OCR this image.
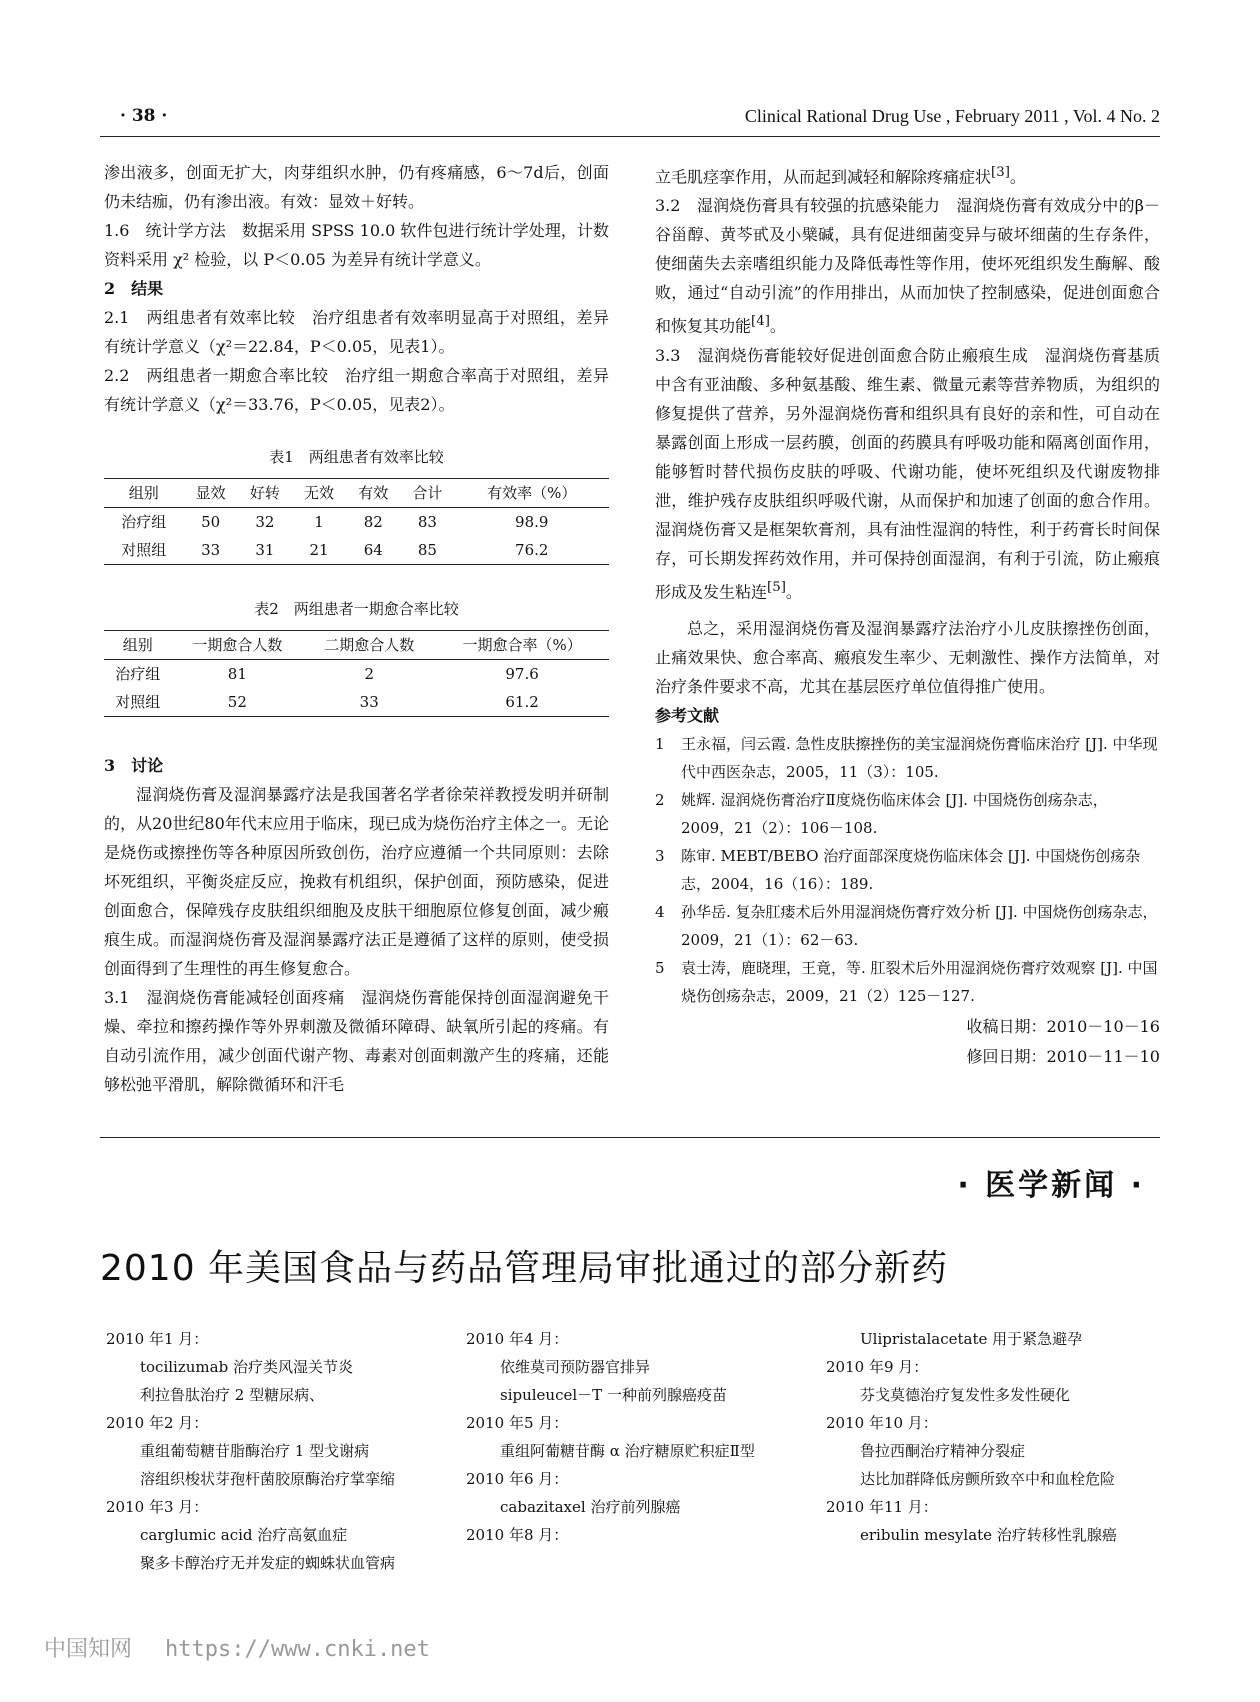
· 38 ·	Clinical Rational Drug Use , February 2011 , Vol. 4 No. 2

渗出液多，创面无扩大，肉芽组织水肿，仍有疼痛感，6～7d后，创面仍未结痂，仍有渗出液。有效：显效＋好转。

1.6　统计学方法　数据采用 SPSS 10.0 软件包进行统计学处理，计数资料采用 χ² 检验，以 P＜0.05 为差异有统计学意义。

2　结果

2.1　两组患者有效率比较　治疗组患者有效率明显高于对照组，差异有统计学意义（χ²＝22.84，P＜0.05，见表1）。

2.2　两组患者一期愈合率比较　治疗组一期愈合率高于对照组，差异有统计学意义（χ²＝33.76，P＜0.05，见表2）。

表1　两组患者有效率比较
组别	显效	好转	无效	有效	合计	有效率（%）
治疗组	50	32	1	82	83	98.9
对照组	33	31	21	64	85	76.2
表2　两组患者一期愈合率比较
组别	一期愈合人数	二期愈合人数	一期愈合率（%）
治疗组	81	2	97.6
对照组	52	33	61.2

3　讨论

湿润烧伤膏及湿润暴露疗法是我国著名学者徐荣祥教授发明并研制的，从20世纪80年代末应用于临床，现已成为烧伤治疗主体之一。无论是烧伤或擦挫伤等各种原因所致创伤，治疗应遵循一个共同原则：去除坏死组织，平衡炎症反应，挽救有机组织，保护创面，预防感染，促进创面愈合，保障残存皮肤组织细胞及皮肤干细胞原位修复创面，减少瘢痕生成。而湿润烧伤膏及湿润暴露疗法正是遵循了这样的原则，使受损创面得到了生理性的再生修复愈合。

3.1　湿润烧伤膏能减轻创面疼痛　湿润烧伤膏能保持创面湿润避免干燥、牵拉和擦药操作等外界刺激及微循环障碍、缺氧所引起的疼痛。有自动引流作用，减少创面代谢产物、毒素对创面刺激产生的疼痛，还能够松弛平滑肌，解除微循环和汗毛

立毛肌痉挛作用，从而起到减轻和解除疼痛症状[3]。

3.2　湿润烧伤膏具有较强的抗感染能力　湿润烧伤膏有效成分中的β－谷甾醇、黄芩甙及小檗碱，具有促进细菌变异与破坏细菌的生存条件，使细菌失去亲嗜组织能力及降低毒性等作用，使坏死组织发生酶解、酸败，通过“自动引流”的作用排出，从而加快了控制感染，促进创面愈合和恢复其功能[4]。

3.3　湿润烧伤膏能较好促进创面愈合防止瘢痕生成　湿润烧伤膏基质中含有亚油酸、多种氨基酸、维生素、微量元素等营养物质，为组织的修复提供了营养，另外湿润烧伤膏和组织具有良好的亲和性，可自动在暴露创面上形成一层药膜，创面的药膜具有呼吸功能和隔离创面作用，能够暂时替代损伤皮肤的呼吸、代谢功能，使坏死组织及代谢废物排泄，维护残存皮肤组织呼吸代谢，从而保护和加速了创面的愈合作用。湿润烧伤膏又是框架软膏剂，具有油性湿润的特性，利于药膏长时间保存，可长期发挥药效作用，并可保持创面湿润，有利于引流，防止瘢痕形成及发生粘连[5]。

总之，采用湿润烧伤膏及湿润暴露疗法治疗小儿皮肤擦挫伤创面，止痛效果快、愈合率高、瘢痕发生率少、无刺激性、操作方法简单，对治疗条件要求不高，尤其在基层医疗单位值得推广使用。

参考文献

1	王永福，闫云霞. 急性皮肤擦挫伤的美宝湿润烧伤膏临床治疗 [J]. 中华现代中西医杂志，2005，11（3）：105.
2	姚辉. 湿润烧伤膏治疗Ⅱ度烧伤临床体会 [J]. 中国烧伤创疡杂志，2009，21（2）：106－108.
3	陈审. MEBT/BEBO 治疗面部深度烧伤临床体会 [J]. 中国烧伤创疡杂志，2004，16（16）：189.
4	孙华岳. 复杂肛瘘术后外用湿润烧伤膏疗效分析 [J]. 中国烧伤创疡杂志，2009，21（1）：62－63.
5	袁士涛，鹿晓理，王竟，等. 肛裂术后外用湿润烧伤膏疗效观察 [J]. 中国烧伤创疡杂志，2009，21（2）125－127.
收稿日期：2010－10－16
修回日期：2010－11－10
· 医学新闻 ·
2010 年美国食品与药品管理局审批通过的部分新药
2010 年1 月：
tocilizumab 治疗类风湿关节炎
利拉鲁肽治疗 2 型糖尿病、
2010 年2 月：
重组葡萄糖苷脂酶治疗 1 型戈谢病
溶组织梭状芽孢杆菌胶原酶治疗掌挛缩
2010 年3 月：
carglumic acid 治疗高氨血症
聚多卡醇治疗无并发症的蜘蛛状血管病
2010 年4 月：
依维莫司预防器官排异
sipuleucel－T 一种前列腺癌疫苗
2010 年5 月：
重组阿葡糖苷酶 α 治疗糖原贮积症Ⅱ型
2010 年6 月：
cabazitaxel 治疗前列腺癌
2010 年8 月：
Ulipristalacetate 用于紧急避孕
2010 年9 月：
芬戈莫德治疗复发性多发性硬化
2010 年10 月：
鲁拉西酮治疗精神分裂症
达比加群降低房颤所致卒中和血栓危险
2010 年11 月：
eribulin mesylate 治疗转移性乳腺癌
中国知网 https://www.cnki.net
